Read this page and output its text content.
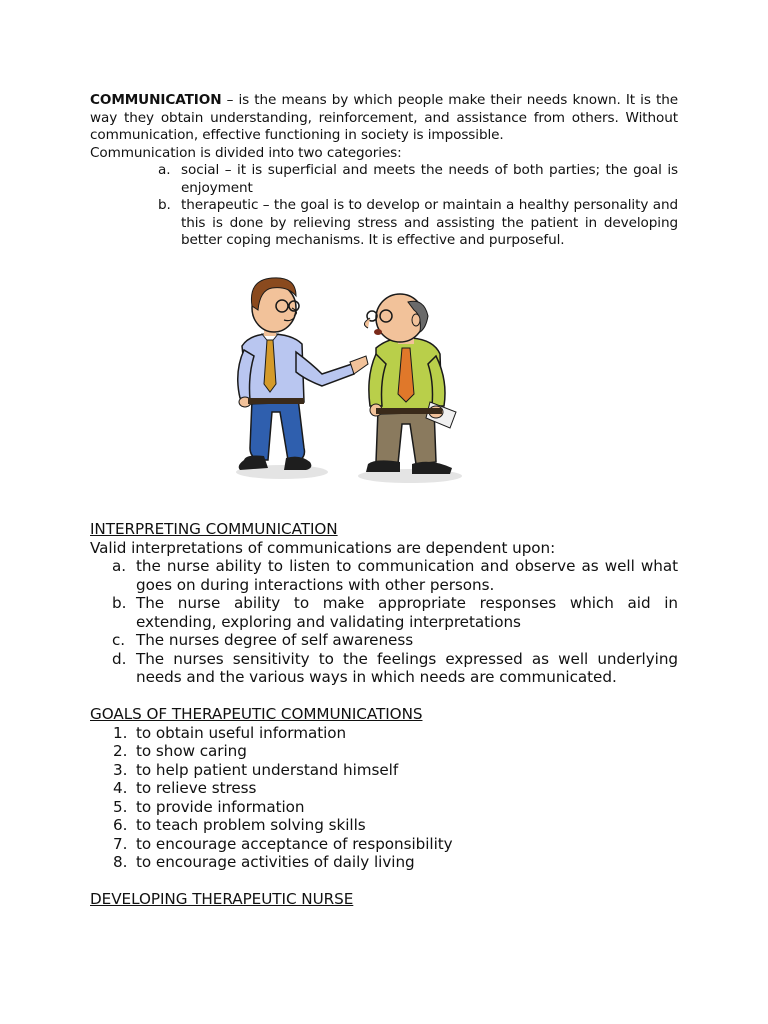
COMMUNICATION – is the means by which people make their needs known. It is the way they obtain understanding, reinforcement, and assistance from others. Without communication, effective functioning in society is impossible.

Communication is divided into two categories:

a. social – it is superficial and meets the needs of both parties; the goal is enjoyment
b. therapeutic – the goal is to develop or maintain a healthy personality and this is done by relieving stress and assisting the patient in developing better coping mechanisms. It is effective and purposeful.
INTERPRETING COMMUNICATION

Valid interpretations of communications are dependent upon:

a. the nurse ability to listen to communication and observe as well what goes on during interactions with other persons.
b. The nurse ability to make appropriate responses which aid in extending, exploring and validating interpretations
c. The nurses degree of self awareness
d. The nurses sensitivity to the feelings expressed as well underlying needs and the various ways in which needs are communicated.
GOALS OF THERAPEUTIC COMMUNICATIONS
1. to obtain useful information
2. to show caring
3. to help patient understand himself
4. to relieve stress
5. to provide information
6. to teach problem solving skills
7. to encourage acceptance of responsibility
8. to encourage activities of daily living
DEVELOPING THERAPEUTIC NURSE
